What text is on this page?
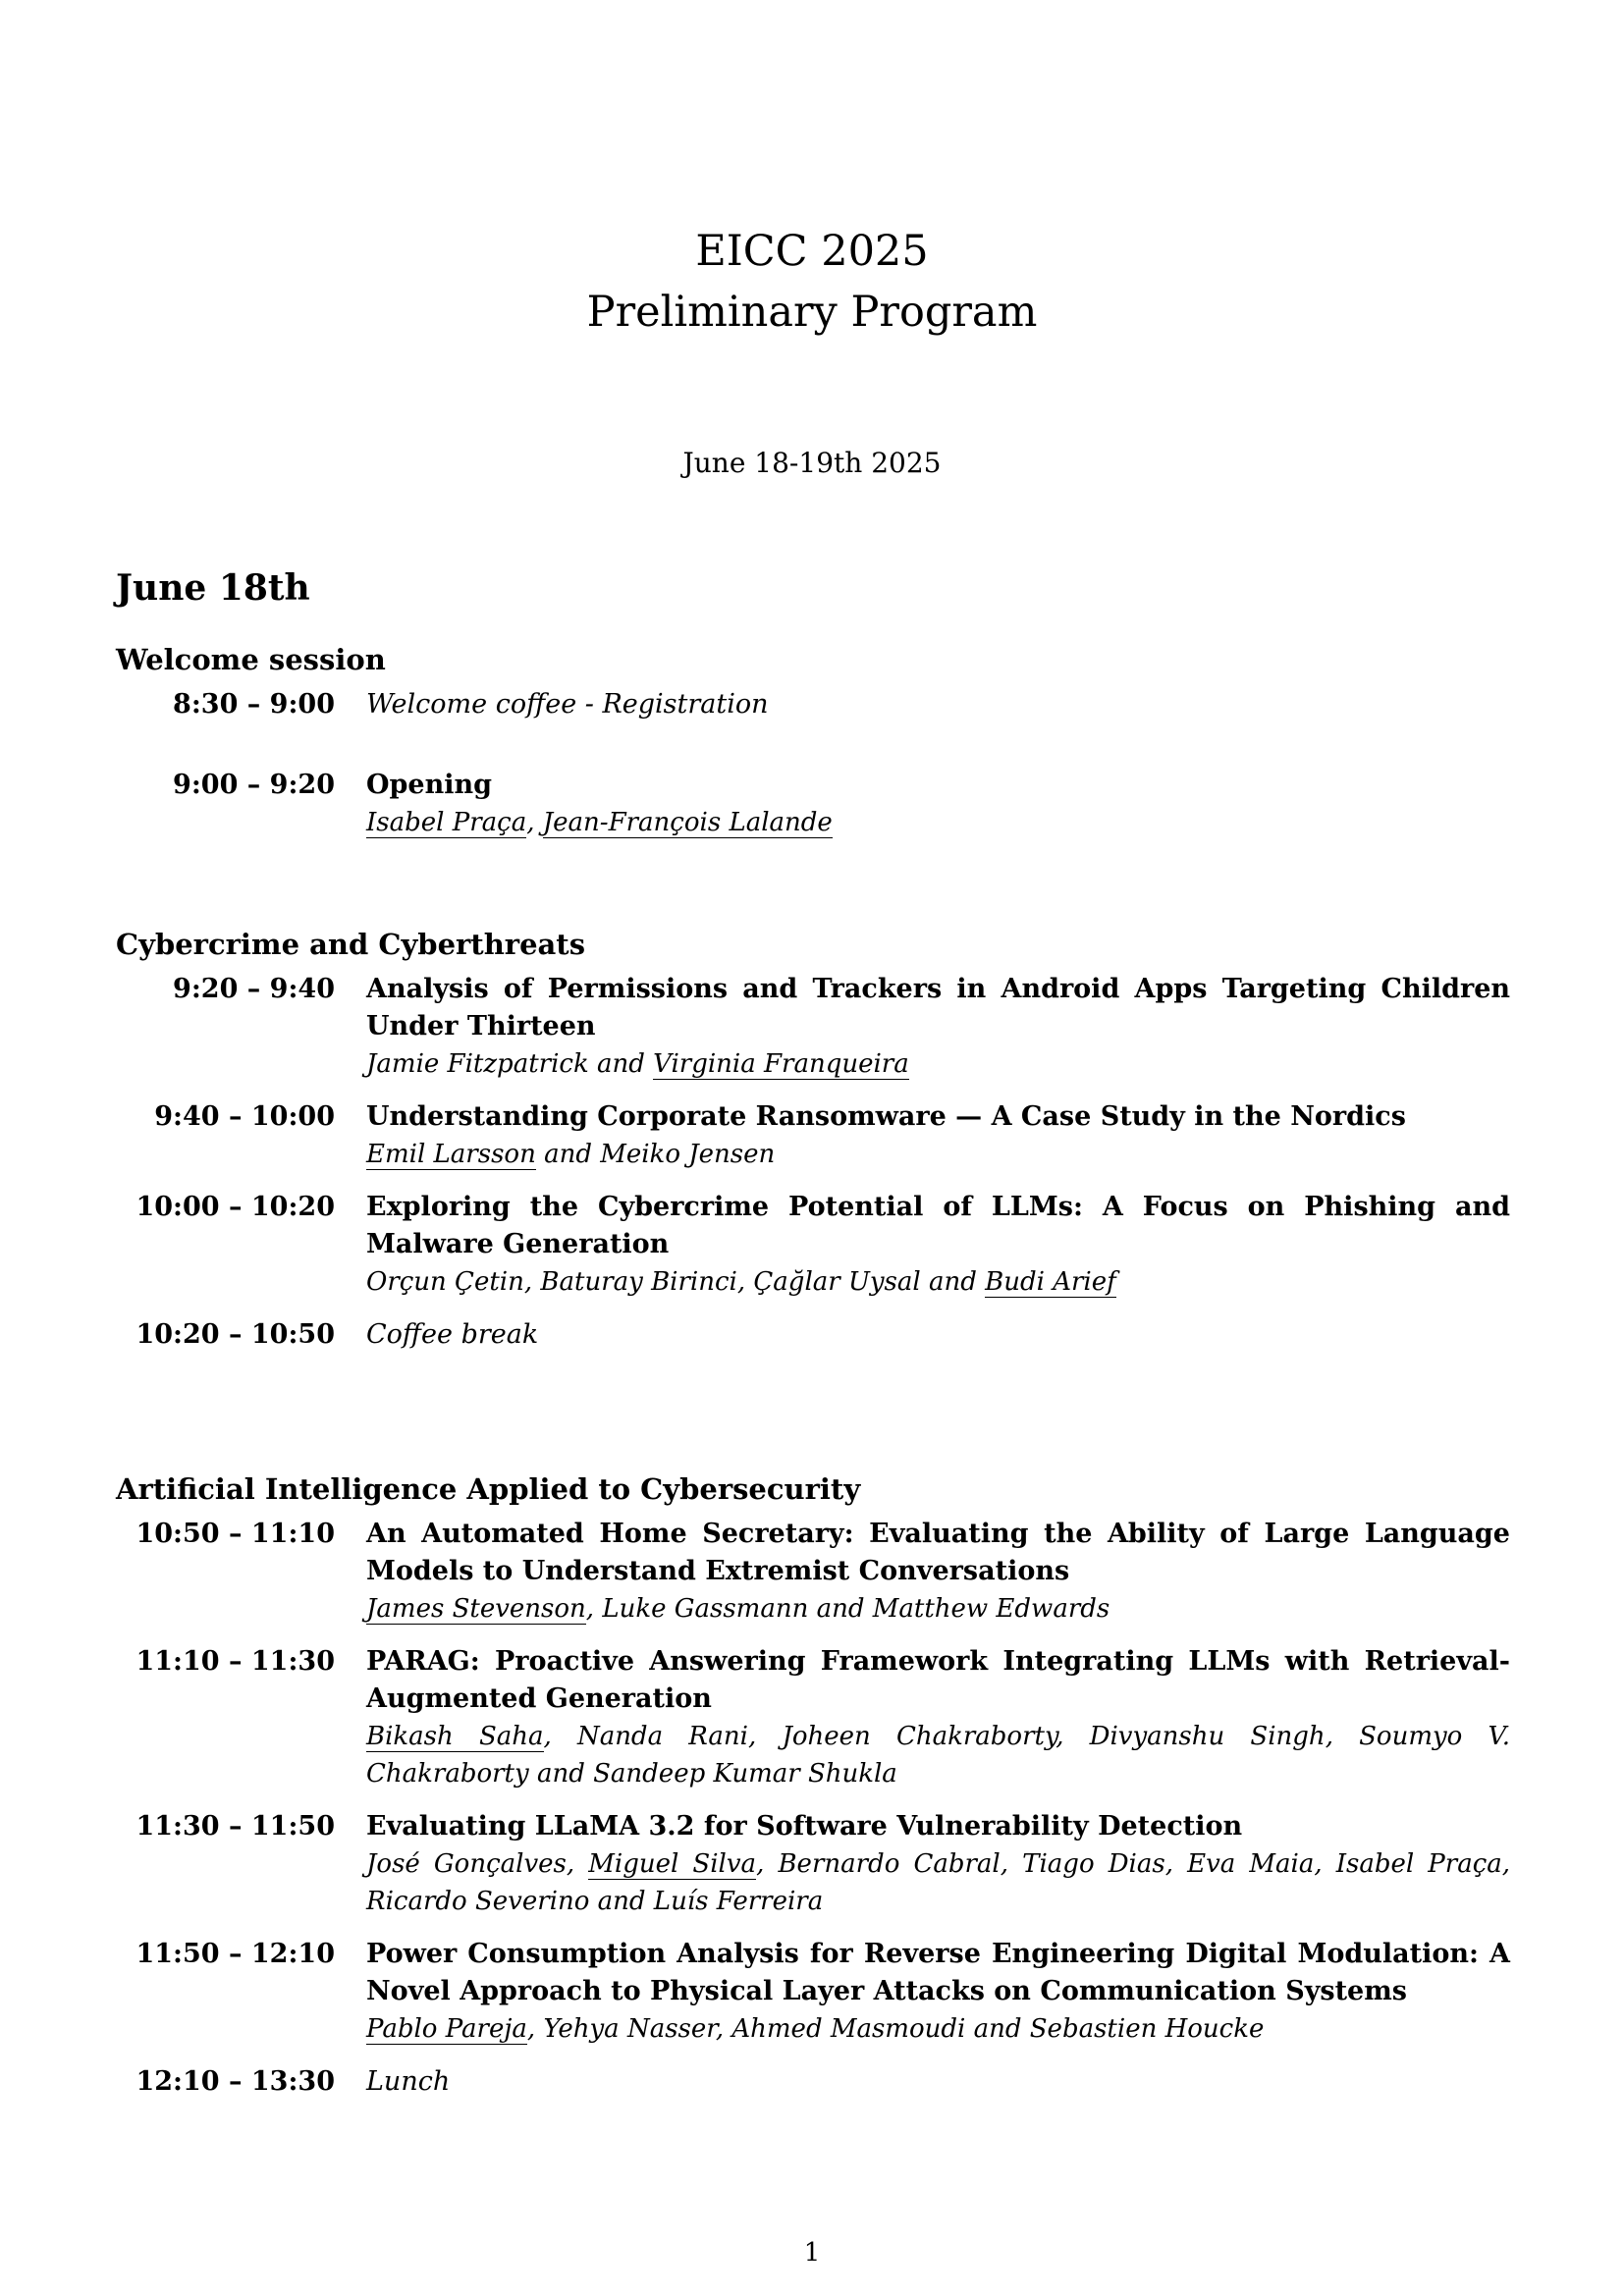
EICC 2025
Preliminary Program
June 18-19th 2025
June 18th
Welcome session
8:30 – 9:00	Welcome coffee - Registration
9:00 – 9:20	Opening
Isabel Praça, Jean-François Lalande
Cybercrime and Cyberthreats
9:20 – 9:40	Analysis of Permissions and Trackers in Android Apps Targeting Children Under Thirteen
Jamie Fitzpatrick and Virginia Franqueira
9:40 – 10:00	Understanding Corporate Ransomware — A Case Study in the Nordics
Emil Larsson and Meiko Jensen
10:00 – 10:20	Exploring the Cybercrime Potential of LLMs: A Focus on Phishing and Malware Generation
Orçun Çetin, Baturay Birinci, Çağlar Uysal and Budi Arief
10:20 – 10:50	Coffee break
Artificial Intelligence Applied to Cybersecurity
10:50 – 11:10	An Automated Home Secretary: Evaluating the Ability of Large Language Models to Understand Extremist Conversations
James Stevenson, Luke Gassmann and Matthew Edwards
11:10 – 11:30	PARAG: Proactive Answering Framework Integrating LLMs with Retrieval-Augmented Generation
Bikash Saha, Nanda Rani, Joheen Chakraborty, Divyanshu Singh, Soumyo V. Chakraborty and Sandeep Kumar Shukla
11:30 – 11:50	Evaluating LLaMA 3.2 for Software Vulnerability Detection
José Gonçalves, Miguel Silva, Bernardo Cabral, Tiago Dias, Eva Maia, Isabel Praça, Ricardo Severino and Luís Ferreira
11:50 – 12:10	Power Consumption Analysis for Reverse Engineering Digital Modulation: A Novel Approach to Physical Layer Attacks on Communication Systems
Pablo Pareja, Yehya Nasser, Ahmed Masmoudi and Sebastien Houcke
12:10 – 13:30	Lunch
1
